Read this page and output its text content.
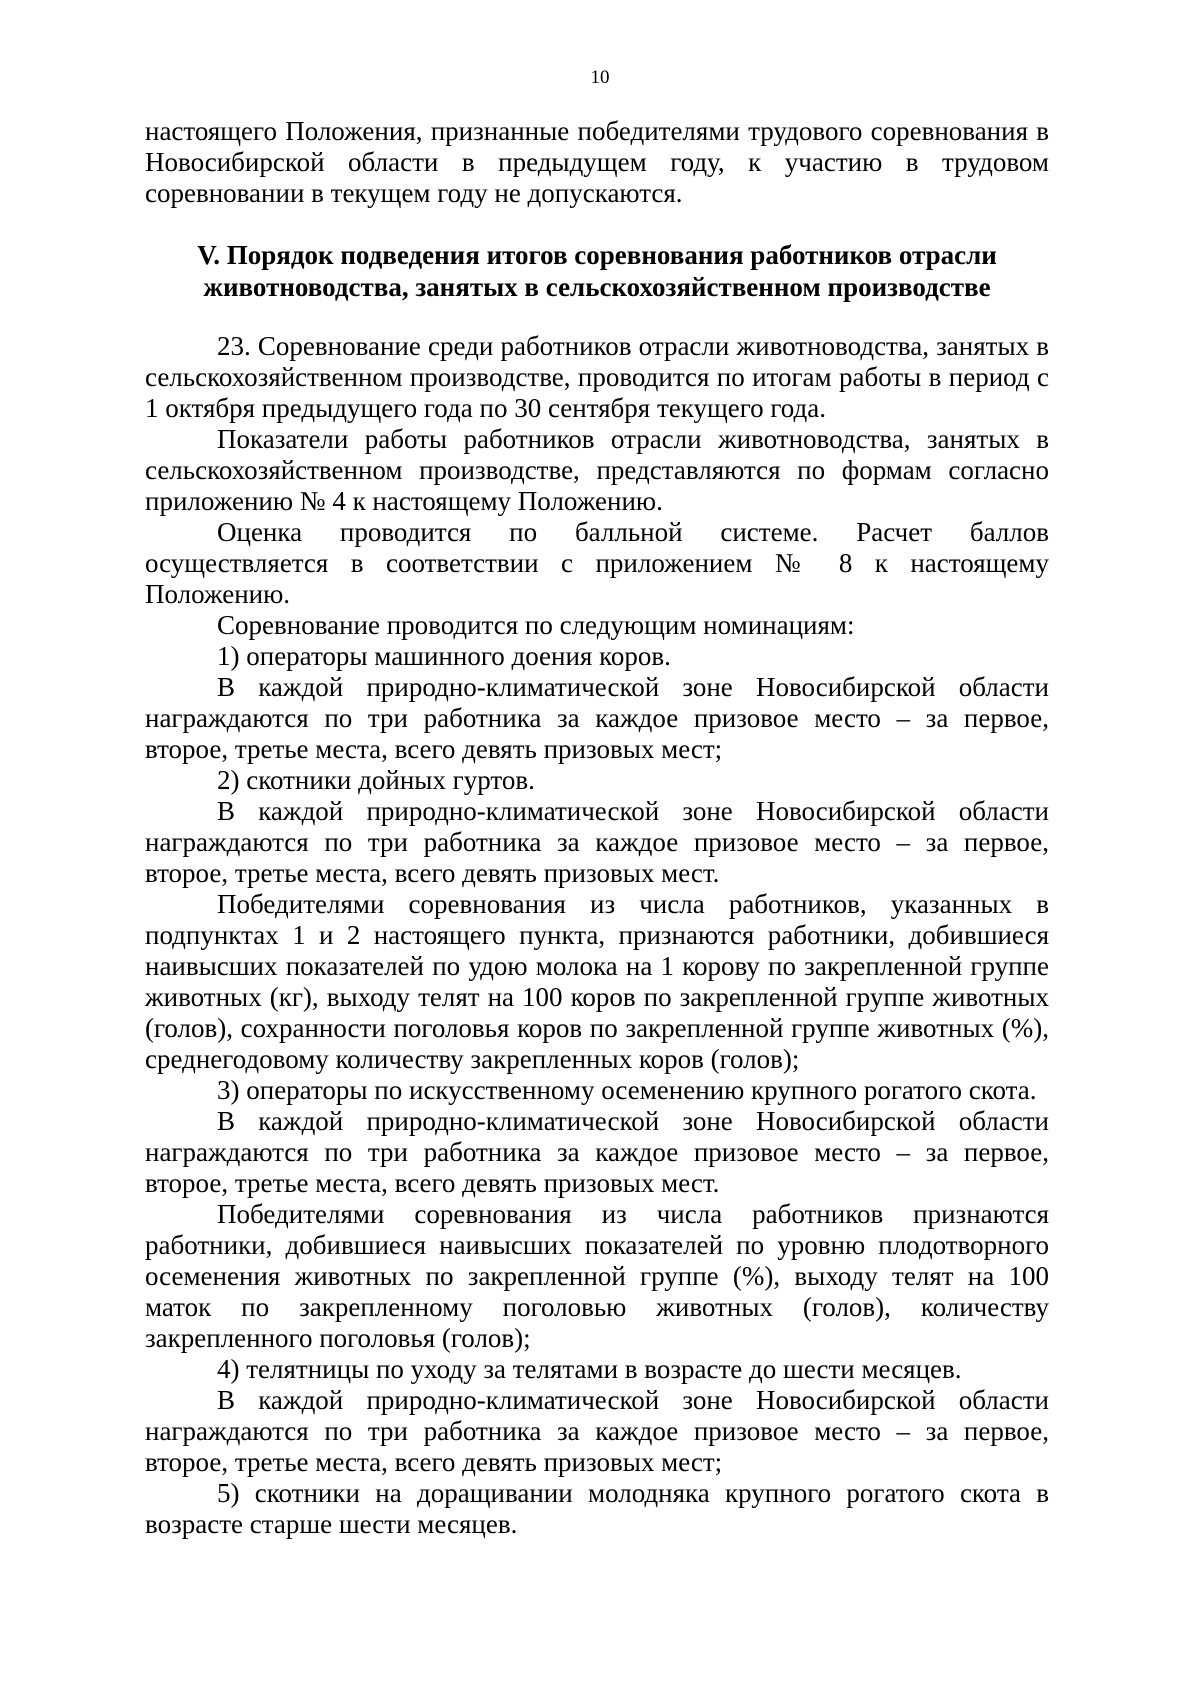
10

настоящего Положения, признанные победителями трудового соревнования в Новосибирской области в предыдущем году, к участию в трудовом соревновании в текущем году не допускаются.

V. Порядок подведения итогов соревнования работников отрасли
животноводства, занятых в сельскохозяйственном производстве

23. Соревнование среди работников отрасли животноводства, занятых в сельскохозяйственном производстве, проводится по итогам работы в период с 1 октября предыдущего года по 30 сентября текущего года.

Показатели работы работников отрасли животноводства, занятых в сельскохозяйственном производстве, представляются по формам согласно приложению № 4 к настоящему Положению.

Оценка проводится по балльной системе. Расчет баллов осуществляется в соответствии с приложением № 8 к настоящему Положению.

Соревнование проводится по следующим номинациям:

1) операторы машинного доения коров.

В каждой природно-климатической зоне Новосибирской области награждаются по три работника за каждое призовое место – за первое, второе, третье места, всего девять призовых мест;

2) скотники дойных гуртов.

В каждой природно-климатической зоне Новосибирской области награждаются по три работника за каждое призовое место – за первое, второе, третье места, всего девять призовых мест.

Победителями соревнования из числа работников, указанных в подпунктах 1 и 2 настоящего пункта, признаются работники, добившиеся наивысших показателей по удою молока на 1 корову по закрепленной группе животных (кг), выходу телят на 100 коров по закрепленной группе животных (голов), сохранности поголовья коров по закрепленной группе животных (%), среднегодовому количеству закрепленных коров (голов);

3) операторы по искусственному осеменению крупного рогатого скота.

В каждой природно-климатической зоне Новосибирской области награждаются по три работника за каждое призовое место – за первое, второе, третье места, всего девять призовых мест.

Победителями соревнования из числа работников признаются работники, добившиеся наивысших показателей по уровню плодотворного осеменения животных по закрепленной группе (%), выходу телят на 100 маток по закрепленному поголовью животных (голов), количеству закрепленного поголовья (голов);

4) телятницы по уходу за телятами в возрасте до шести месяцев.

В каждой природно-климатической зоне Новосибирской области награждаются по три работника за каждое призовое место – за первое, второе, третье места, всего девять призовых мест;

5) скотники на доращивании молодняка крупного рогатого скота в возрасте старше шести месяцев.
